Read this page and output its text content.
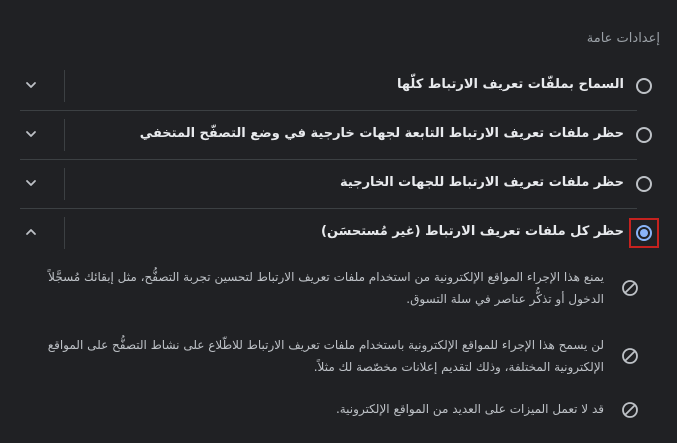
إعدادات عامة
السماح بملفّات تعريف الارتباط كلّها
حظر ملفات تعريف الارتباط التابعة لجهات خارجية في وضع التصفّح المتخفي
حظر ملفات تعريف الارتباط للجهات الخارجية
حظر كل ملفات تعريف الارتباط (غير مُستحسَن)
يمنع هذا الإجراء المواقع الإلكترونية من استخدام ملفات تعريف الارتباط لتحسين تجربة التصفُّح، مثل إبقائك مُسجَّلاً الدخول أو تذكُّر عناصر في سلة التسوق.
لن يسمح هذا الإجراء للمواقع الإلكترونية باستخدام ملفات تعريف الارتباط للاطّلاع على نشاط التصفُّح على المواقع الإلكترونية المختلفة، وذلك لتقديم إعلانات مخصّصة لك مثلاً.
قد لا تعمل الميزات على العديد من المواقع الإلكترونية.
